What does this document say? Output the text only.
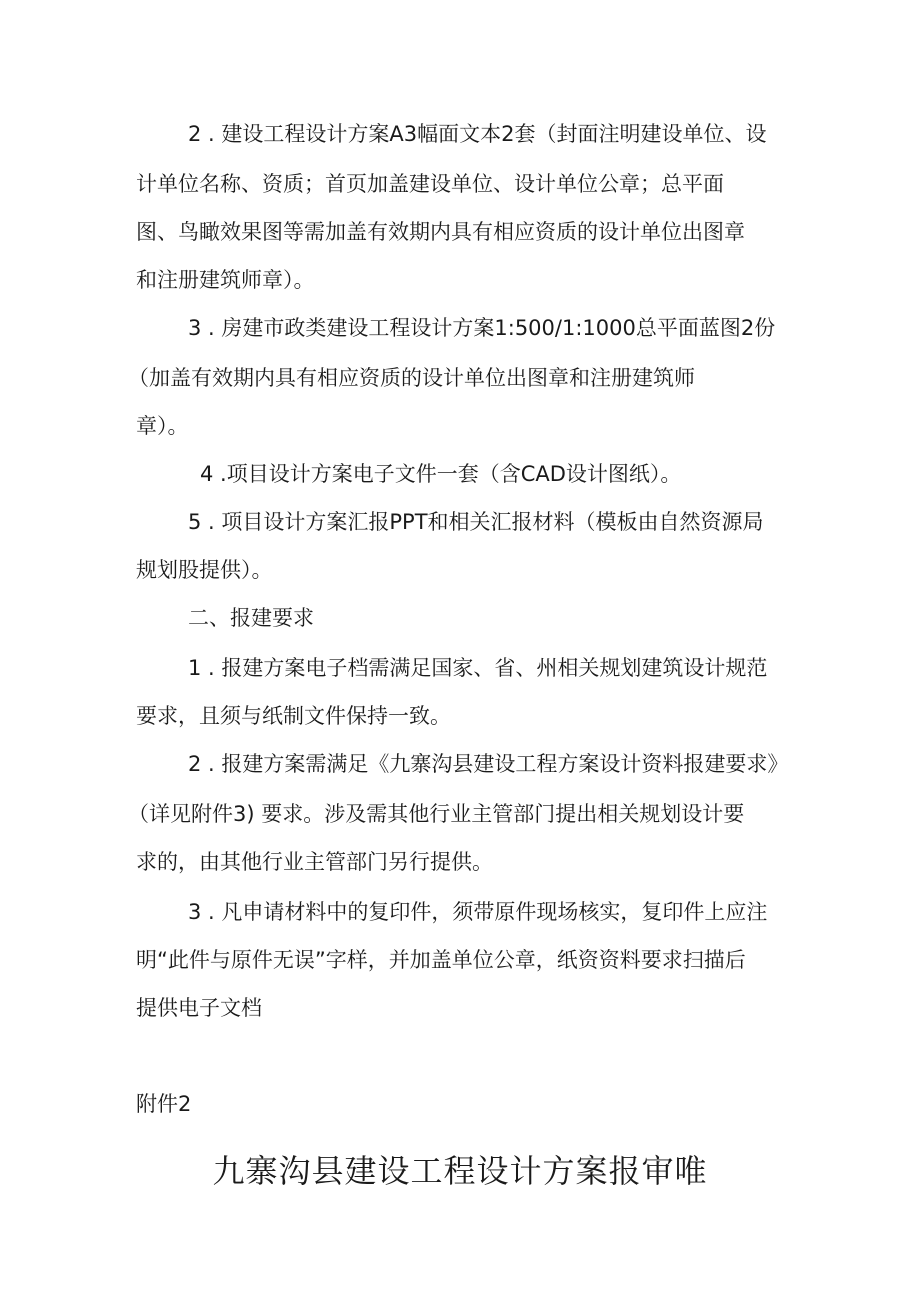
2 . 建设工程设计方案A3幅面文本2套（封面注明建设单位、设

计单位名称、资质；首页加盖建设单位、设计单位公章；总平面

图、鸟瞰效果图等需加盖有效期内具有相应资质的设计单位出图章

和注册建筑师章）。

3 . 房建市政类建设工程设计方案1:500/1:1000总平面蓝图2份

（加盖有效期内具有相应资质的设计单位出图章和注册建筑师

章）。

4 .项目设计方案电子文件一套（含CAD设计图纸）。

5 . 项目设计方案汇报PPT和相关汇报材料（模板由自然资源局

规划股提供）。

二、报建要求

1 . 报建方案电子档需满足国家、省、州相关规划建筑设计规范

要求，且须与纸制文件保持一致。

2 . 报建方案需满足《九寨沟县建设工程方案设计资料报建要求》

（详见附件3) 要求。涉及需其他行业主管部门提出相关规划设计要

求的，由其他行业主管部门另行提供。

3 . 凡申请材料中的复印件，须带原件现场核实，复印件上应注

明“此件与原件无误”字样，并加盖单位公章，纸资资料要求扫描后

提供电子文档

附件2
九寨沟县建设工程设计方案报审唯
